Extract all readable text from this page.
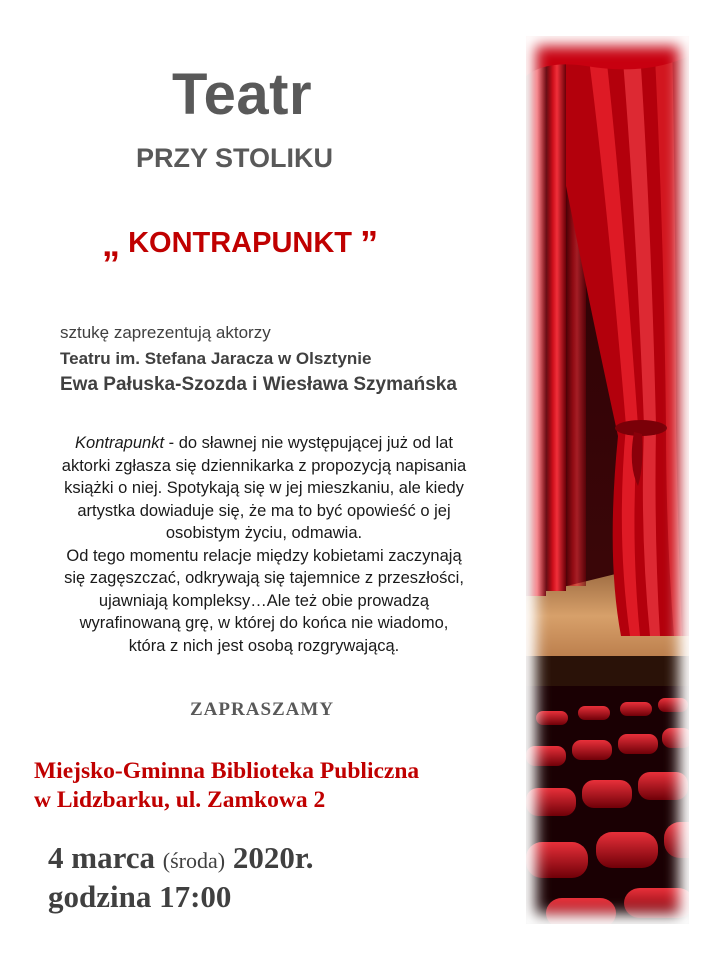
Teatr
PRZY STOLIKU
„ KONTRAPUNKT ”
sztukę zaprezentują aktorzy
Teatru im. Stefana Jaracza w Olsztynie
Ewa Pałuska-Szozda i Wiesława Szymańska
Kontrapunkt - do sławnej nie występującej już od lat
aktorki zgłasza się dziennikarka z propozycją napisania
książki o niej. Spotykają się w jej mieszkaniu, ale kiedy
artystka dowiaduje się, że ma to być opowieść o jej
osobistym życiu, odmawia.
Od tego momentu relacje między kobietami zaczynają
się zagęszczać, odkrywają się tajemnice z przeszłości,
ujawniają kompleksy…Ale też obie prowadzą
wyrafinowaną grę, w której do końca nie wiadomo,
która z nich jest osobą rozgrywającą.
ZAPRASZAMY
Miejsko-Gminna Biblioteka Publiczna
w Lidzbarku, ul. Zamkowa 2
4 marca (środa) 2020r.
godzina 17:00
